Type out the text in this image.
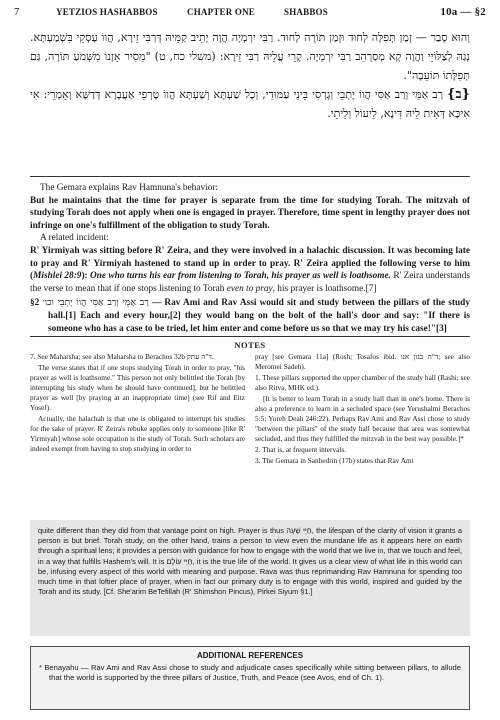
7	YETZIOS HASHABBOS	CHAPTER ONE	SHABBOS	10a — §2
וְהוּא סָבַר — זְמַן תְּפִלָּה לְחוּד וּזְמַן תּוֹרָה לְחוּד. רַבִּי יִרְמְיָה הֲוָה יָתֵיב קַמֵּיהּ דְּרַבִּי זֵירָא, הֲווֹ עָסְקֵי בִּשְׁמַעְתָּא. נְגַהּ לְצַלּוֹיֵי וַהֲוָה קָא מְסַרְהֵב רַבִּי יִרְמְיָה. קָרֵי עֲלֵיהּ רַבִּי זֵירָא: (משלי כח, ט) "מֵסִיר אָזְנוֹ מִשְּׁמֹעַ תּוֹרָה, גַּם תְּפִלָּתוֹ תּוֹעֵבָה".
{ב} רַב אַמֵּי וְרַב אַסִּי הֲווֹ יָתְבֵי וְגָרְסִי בֵּינֵי עַמּוּדֵי, וְכָל שַׁעְתָּא וְשַׁעְתָּא הֲווֹ טָרְפֵי אַעֲבָרָא דְּדַשָּׁא וְאָמְרֵי: אִי אִיכָּא דְּאִית לֵיהּ דִּינָא, לֵיעוֹל וְלֵיתֵי.

The Gemara explains Rav Hamnuna's behavior:

But he maintains that the time for prayer is separate from the time for studying Torah. The mitzvah of studying Torah does not apply when one is engaged in prayer. Therefore, time spent in lengthy prayer does not infringe on one's fulfillment of the obligation to study Torah.

A related incident:

R' Yirmiyah was sitting before R' Zeira, and they were involved in a halachic discussion. It was becoming late to pray and R' Yirmiyah hastened to stand up in order to pray. R' Zeira applied the following verse to him (Mishlei 28:9): One who turns his ear from listening to Torah, his prayer as well is loathsome. R' Zeira understands the verse to mean that if one stops listening to Torah even to pray, his prayer is loathsome.[7]

§2 רַב אַמֵּי וְרַב אַסִּי הֲווֹ יָתְבֵי וכו׳ — Rav Ami and Rav Assi would sit and study between the pillars of the study hall.[1] Each and every hour,[2] they would bang on the bolt of the hall's door and say: "If there is someone who has a case to be tried, let him enter and come before us so that we may try his case!"[3]

NOTES

7. See Maharsha; see also Maharsha to Berachos 32b ד"ה עתק.

The verse states that if one stops studying Torah in order to pray, "his prayer as well is loathsome." This person not only belittled the Torah [by interrupting his study when he should have continued], but he belittled prayer as well [by praying at an inappropriate time] (see Rif and Eitz Yosef).

Actually, the halachah is that one is obligated to interrupt his studies for the sake of prayer. R' Zeira's rebuke applies only to someone [like R' Yirmiyah] whose sole occupation is the study of Torah. Such scholars are indeed exempt from having to stop studying in order to

pray [see Gemara 11a] (Rosh; Tosafos ibid. ד"ה כגון אנו; see also Meromei Sadeh).

1. These pillars supported the upper chamber of the study hall (Rashi; see also Ritva, MHK ed.).

[It is better to learn Torah in a study hall than in one's home. There is also a preference to learn in a secluded space (see Yerushalmi Berachos 5:5; Yoreh Deah 246:22). Perhaps Rav Ami and Rav Assi chose to study "between the pillars" of the study hall because that area was somewhat secluded, and thus they fulfilled the mitzvah in the best way possible.]*

2. That is, at frequent intervals.

3. The Gemara in Sanhedrin (17b) states that Rav Ami

quite different than they did from that vantage point on high. Prayer is thus חַיֵּי שָׁעָה, the lifespan of the clarity of vision it grants a person is but brief. Torah study, on the other hand, trains a person to view even the mundane life as it appears here on earth through a spiritual lens; it provides a person with guidance for how to engage with the world that we live in, that we touch and feel, in a way that fulfills Hashem's will. It is חַיֵּי עוֹלָם, it is the true life of the world. It gives us a clear view of what life in this world can be, infusing every aspect of this world with meaning and purpose. Rava was thus reprimanding Rav Hamnuna for spending too much time in that loftier place of prayer, when in fact our primary duty is to engage with this world, inspired and guided by the Torah and its study. [Cf. She'arim BeTefillah (R' Shimshon Pincus), Pirkei Siyum §1.]
ADDITIONAL REFERENCES
* Benayahu — Rav Ami and Rav Assi chose to study and adjudicate cases specifically while sitting between pillars, to allude that the world is supported by the three pillars of Justice, Truth, and Peace (see Avos, end of Ch. 1).
